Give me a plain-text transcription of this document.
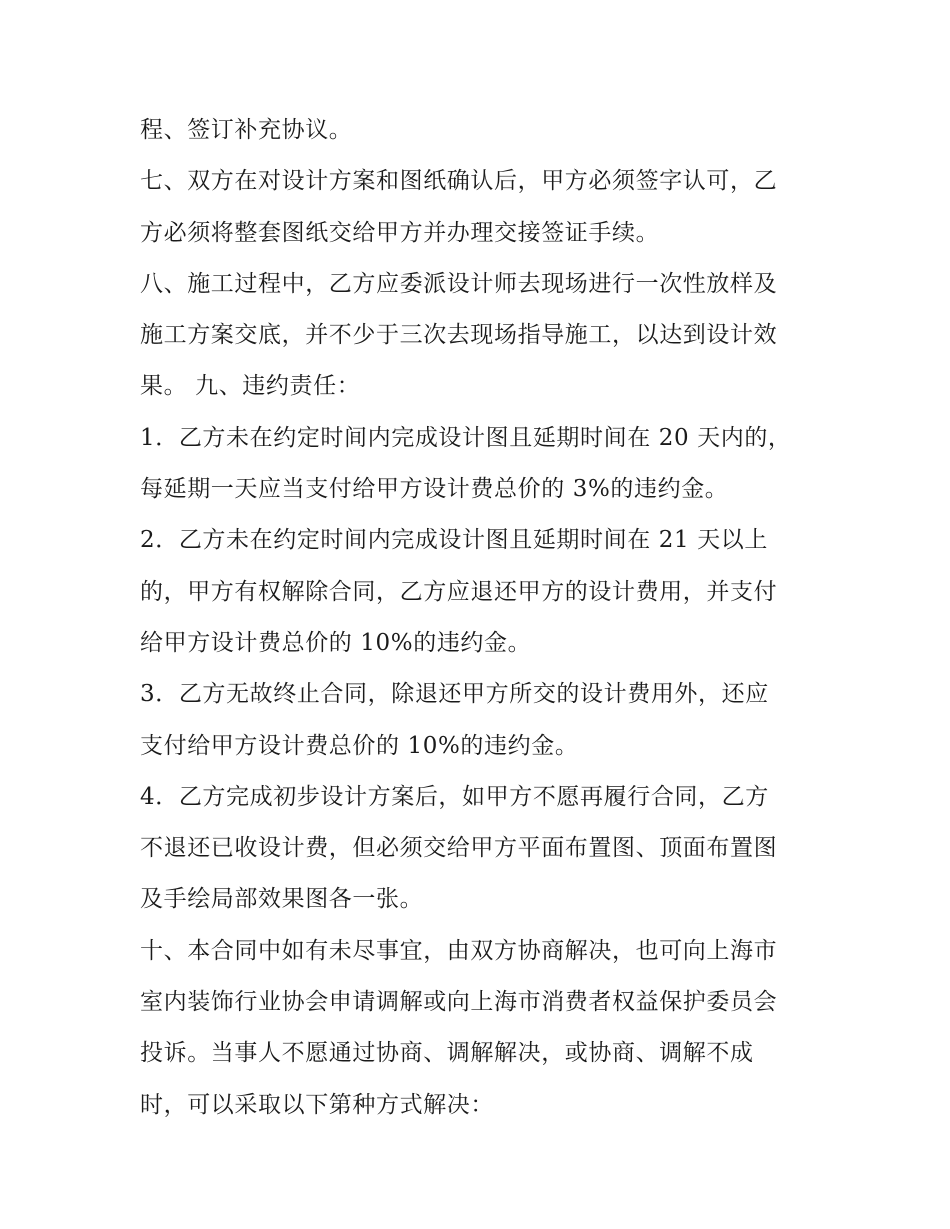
程、签订补充协议。
七、双方在对设计方案和图纸确认后，甲方必须签字认可，乙
方必须将整套图纸交给甲方并办理交接签证手续。
八、施工过程中，乙方应委派设计师去现场进行一次性放样及
施工方案交底，并不少于三次去现场指导施工，以达到设计效
果。 九、违约责任：
1．乙方未在约定时间内完成设计图且延期时间在 20 天内的，
每延期一天应当支付给甲方设计费总价的 3%的违约金。
2．乙方未在约定时间内完成设计图且延期时间在 21 天以上
的，甲方有权解除合同，乙方应退还甲方的设计费用，并支付
给甲方设计费总价的 10%的违约金。
3．乙方无故终止合同，除退还甲方所交的设计费用外，还应
支付给甲方设计费总价的 10%的违约金。
4．乙方完成初步设计方案后，如甲方不愿再履行合同，乙方
不退还已收设计费，但必须交给甲方平面布置图、顶面布置图
及手绘局部效果图各一张。
十、本合同中如有未尽事宜，由双方协商解决，也可向上海市
室内装饰行业协会申请调解或向上海市消费者权益保护委员会
投诉。当事人不愿通过协商、调解解决，或协商、调解不成
时，可以采取以下第种方式解决：
